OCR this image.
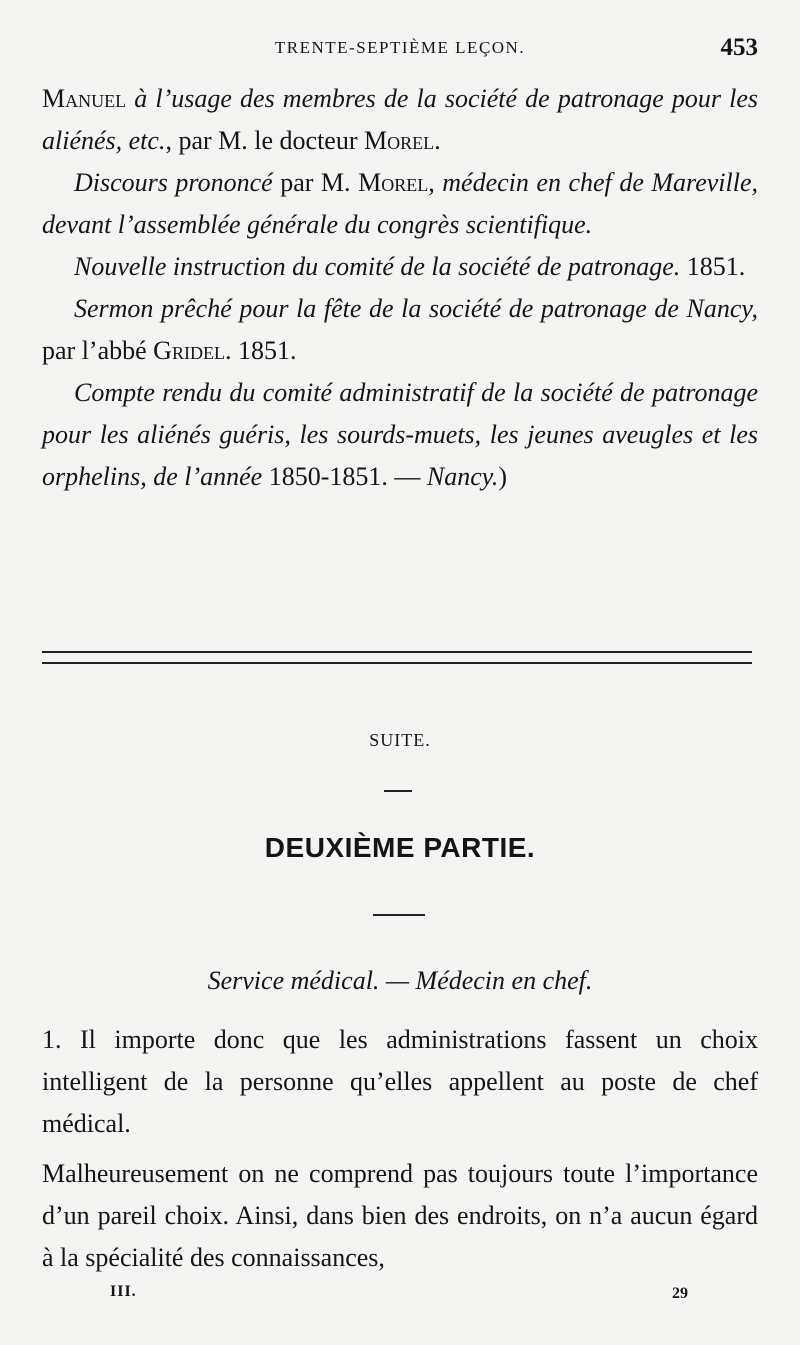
TRENTE-SEPTIÈME LEÇON.	453

Manuel à l’usage des membres de la société de patronage pour les aliénés, etc., par M. le docteur Morel.

Discours prononcé par M. Morel, médecin en chef de Mareville, devant l’assemblée générale du congrès scientifique.

Nouvelle instruction du comité de la société de patronage. 1851.

Sermon prêché pour la fête de la société de patronage de Nancy, par l’abbé Gridel. 1851.

Compte rendu du comité administratif de la société de patronage pour les aliénés guéris, les sourds-muets, les jeunes aveugles et les orphelins, de l’année 1850-1851. — Nancy.)

SUITE.
DEUXIÈME PARTIE.
Service médical. — Médecin en chef.

1. Il importe donc que les administrations fassent un choix intelligent de la personne qu’elles appellent au poste de chef médical.

Malheureusement on ne comprend pas toujours toute l’importance d’un pareil choix. Ainsi, dans bien des endroits, on n’a aucun égard à la spécialité des connaissances,

III.	29
